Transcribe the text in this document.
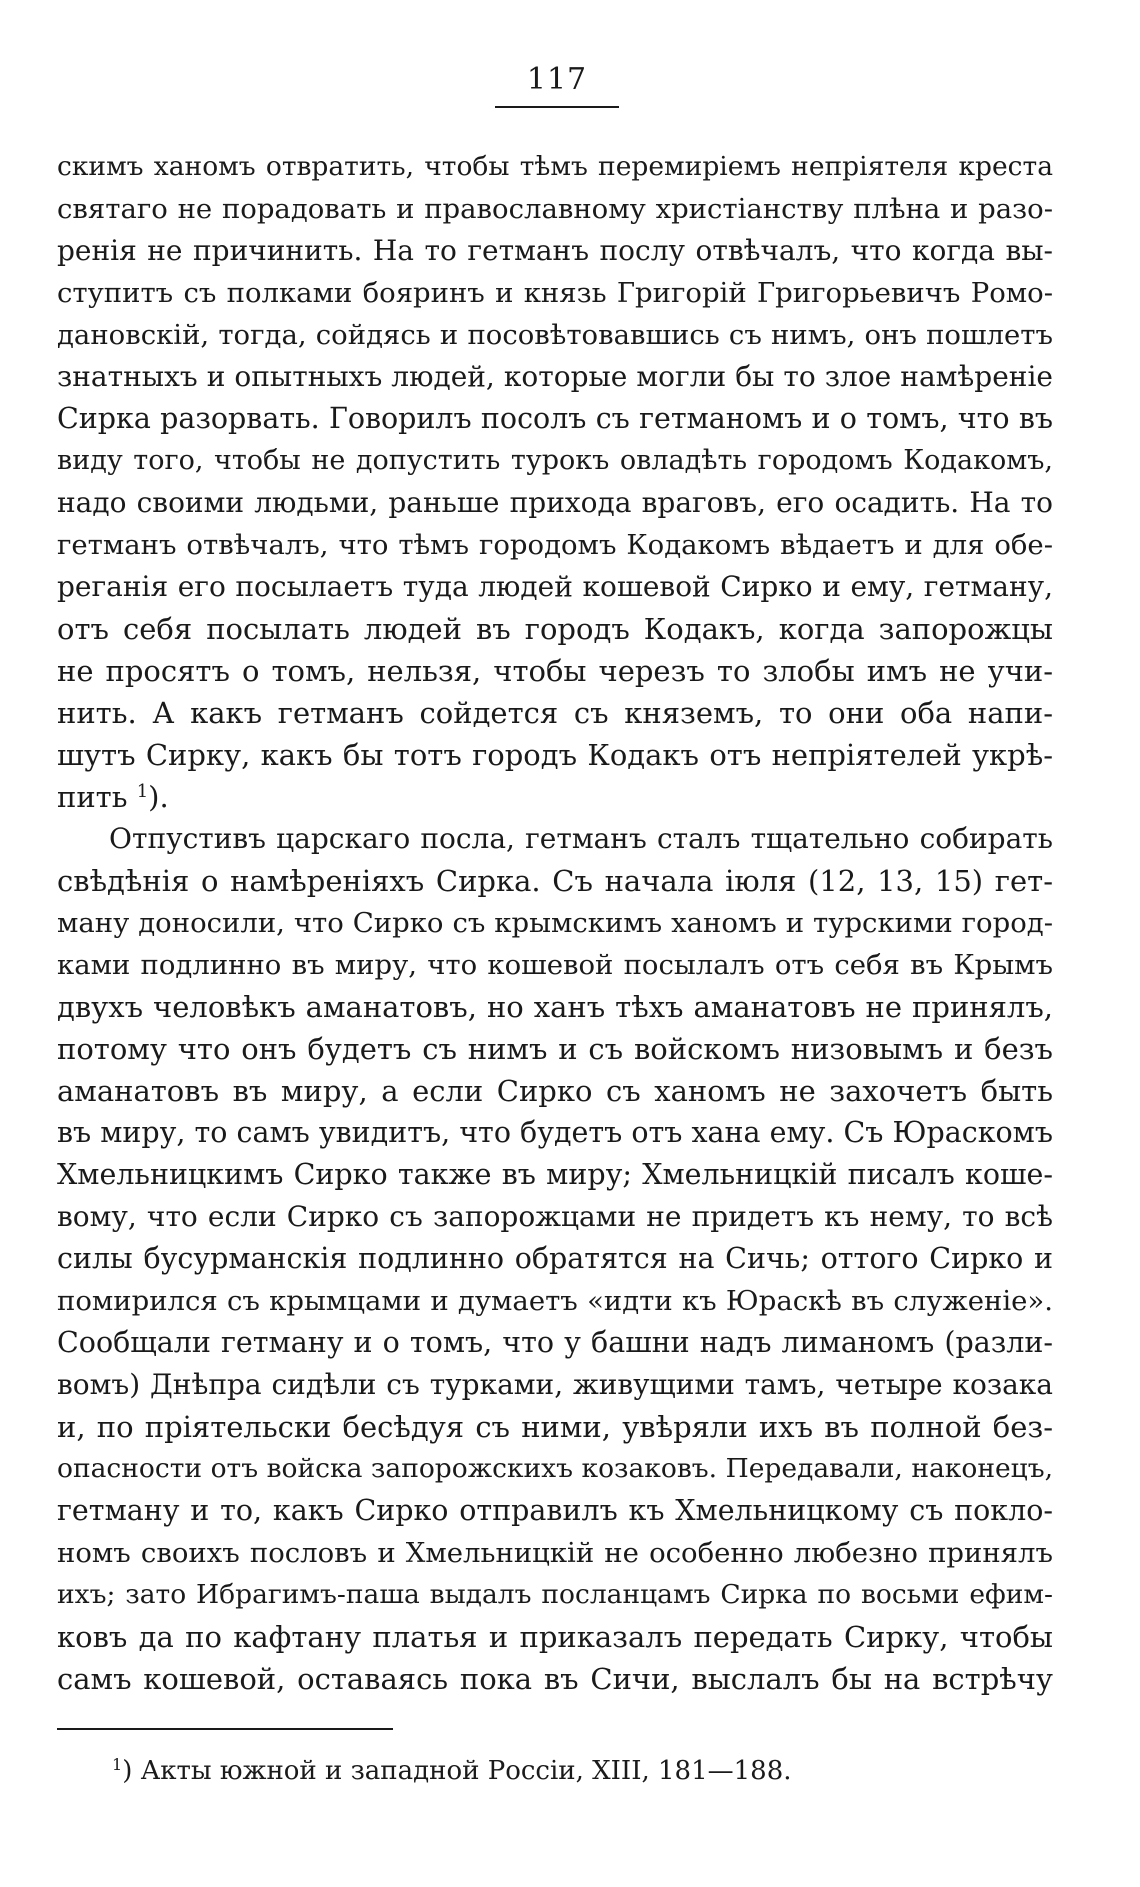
117
скимъ ханомъ отвратить, чтобы тѣмъ перемиріемъ непріятеля креста
святаго не порадовать и православному христіанству плѣна и разо-
ренія не причинить. На то гетманъ послу отвѣчалъ, что когда вы-
ступитъ съ полками бояринъ и князь Григорій Григорьевичъ Ромо-
дановскій, тогда, сойдясь и посовѣтовавшись съ нимъ, онъ пошлетъ
знатныхъ и опытныхъ людей, которые могли бы то злое намѣреніе
Сирка разорвать. Говорилъ посолъ съ гетманомъ и о томъ, что въ
виду того, чтобы не допустить турокъ овладѣть городомъ Кодакомъ,
надо своими людьми, раньше прихода враговъ, его осадить. На то
гетманъ отвѣчалъ, что тѣмъ городомъ Кодакомъ вѣдаетъ и для обе-
реганія его посылаетъ туда людей кошевой Сирко и ему, гетману,
отъ себя посылать людей въ городъ Кодакъ, когда запорожцы
не просятъ о томъ, нельзя, чтобы черезъ то злобы имъ не учи-
нить. А какъ гетманъ сойдется съ княземъ, то они оба напи-
шутъ Сирку, какъ бы тотъ городъ Кодакъ отъ непріятелей укрѣ-
пить $^1$).
Отпустивъ царскаго посла, гетманъ сталъ тщательно собирать
свѣдѣнія о намѣреніяхъ Сирка. Съ начала іюля (12, 13, 15) гет-
ману доносили, что Сирко съ крымскимъ ханомъ и турскими город-
ками подлинно въ миру, что кошевой посылалъ отъ себя въ Крымъ
двухъ человѣкъ аманатовъ, но ханъ тѣхъ аманатовъ не принялъ,
потому что онъ будетъ съ нимъ и съ войскомъ низовымъ и безъ
аманатовъ въ миру, а если Сирко съ ханомъ не захочетъ быть
въ миру, то самъ увидитъ, что будетъ отъ хана ему. Съ Юраскомъ
Хмельницкимъ Сирко также въ миру; Хмельницкій писалъ коше-
вому, что если Сирко съ запорожцами не придетъ къ нему, то всѣ
силы бусурманскія подлинно обратятся на Сичь; оттого Сирко и
помирился съ крымцами и думаетъ «идти къ Юраскѣ въ служеніе».
Сообщали гетману и о томъ, что у башни надъ лиманомъ (разли-
вомъ) Днѣпра сидѣли съ турками, живущими тамъ, четыре козака
и, по пріятельски бесѣдуя съ ними, увѣряли ихъ въ полной без-
опасности отъ войска запорожскихъ козаковъ. Передавали, наконецъ,
гетману и то, какъ Сирко отправилъ къ Хмельницкому съ покло-
номъ своихъ пословъ и Хмельницкій не особенно любезно принялъ
ихъ; зато Ибрагимъ-паша выдалъ посланцамъ Сирка по восьми ефим-
ковъ да по кафтану платья и приказалъ передать Сирку, чтобы
самъ кошевой, оставаясь пока въ Сичи, выслалъ бы на встрѣчу
$^1$) Акты южной и западной Россіи, XIII, 181—188.
